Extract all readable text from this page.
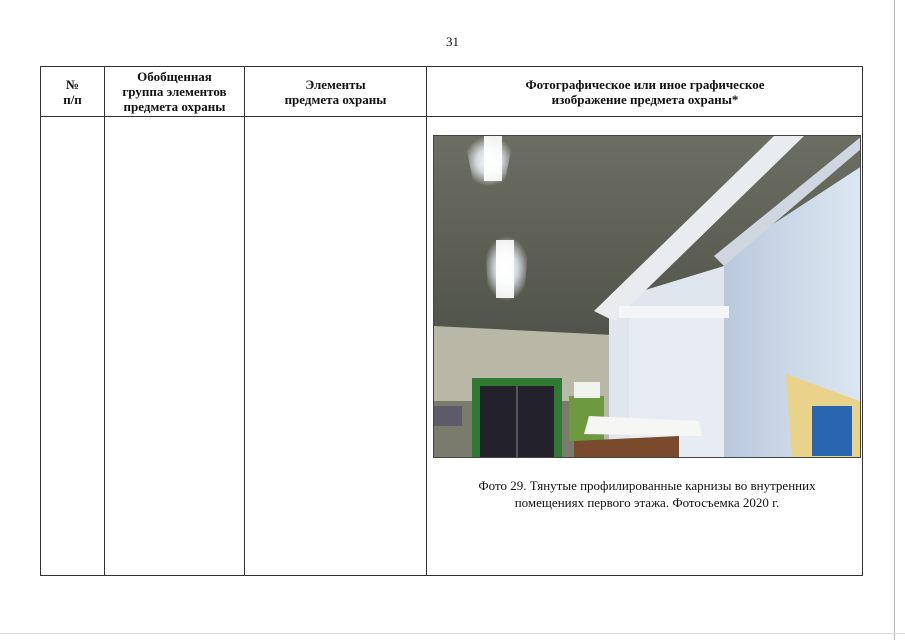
31
№
п/п
Обобщенная
группа элементов
предмета охраны
Элементы
предмета охраны
Фотографическое или иное графическое
изображение предмета охраны*
Фото 29. Тянутые профилированные карнизы во внутренних
помещениях первого этажа. Фотосъемка 2020 г.
